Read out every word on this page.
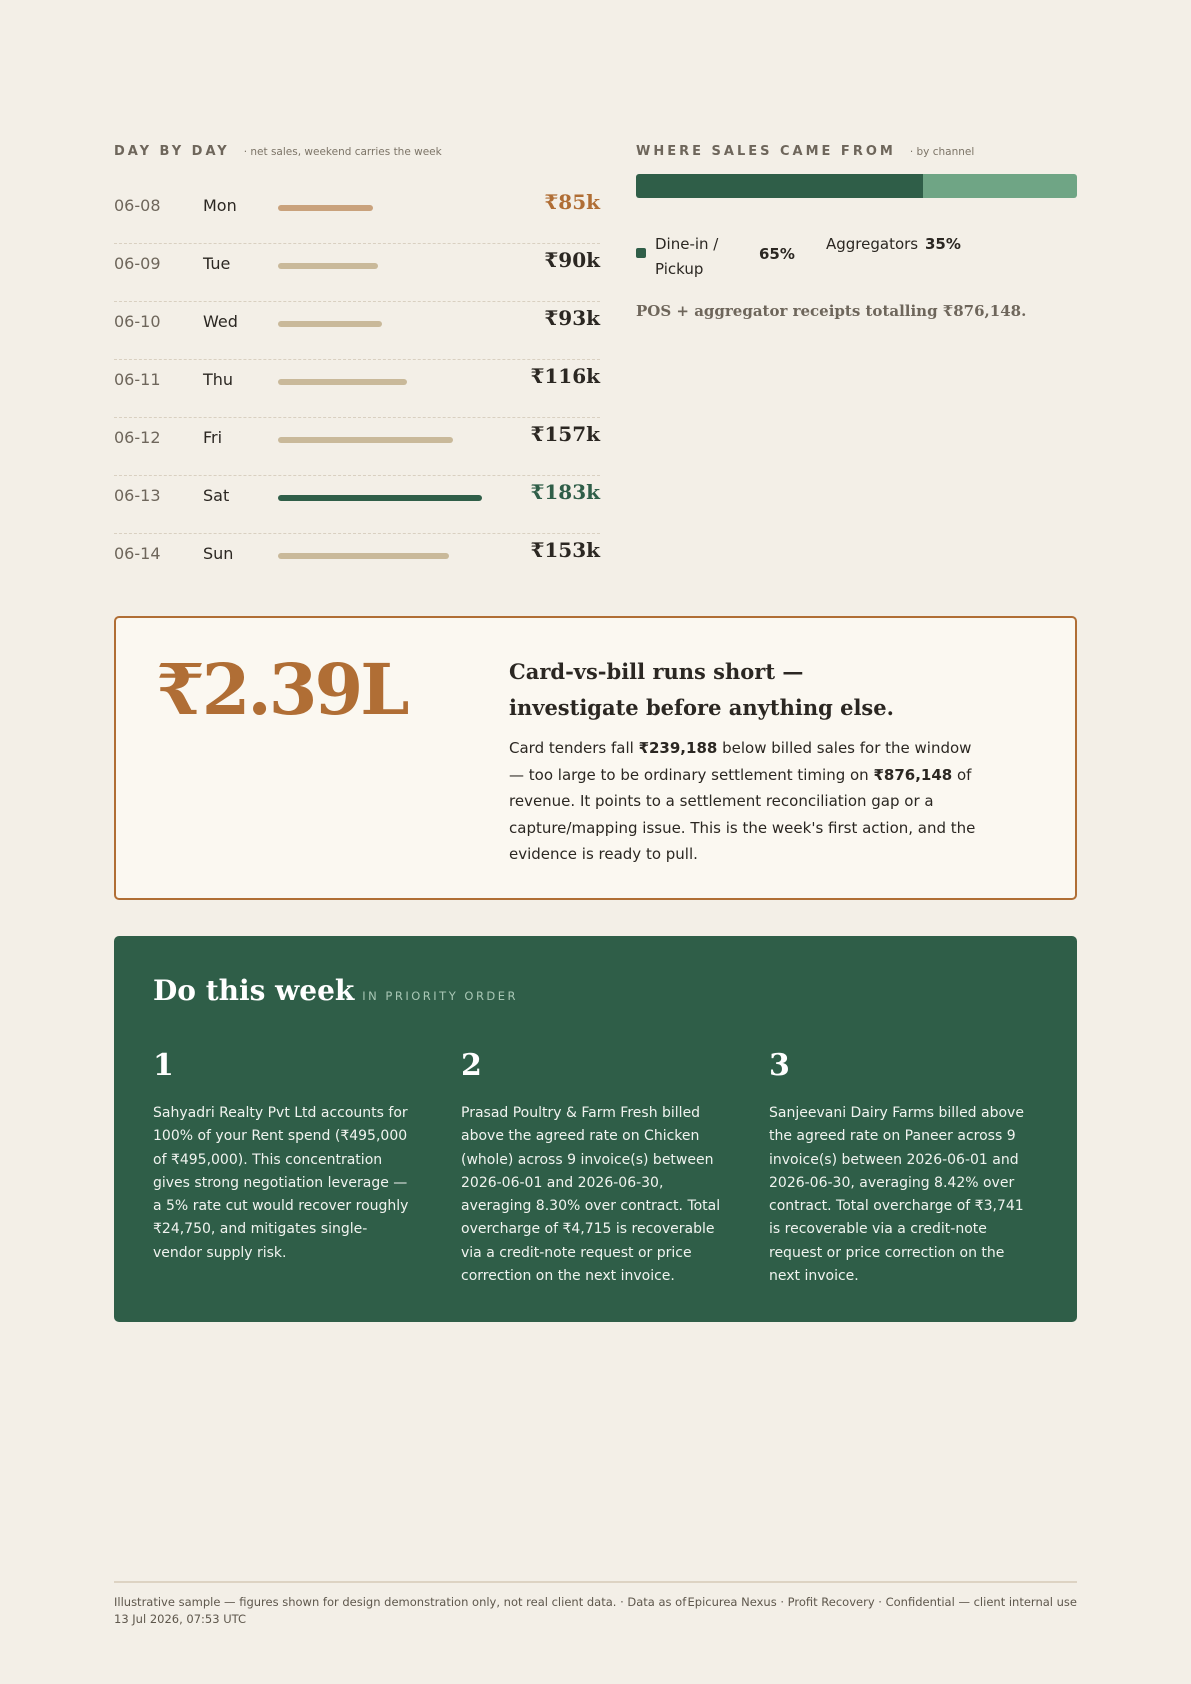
DAY BY DAY · net sales, weekend carries the week
06-08	Mon	₹85k
06-09	Tue	₹90k
06-10	Wed	₹93k
06-11	Thu	₹116k
06-12	Fri	₹157k
06-13	Sat	₹183k
06-14	Sun	₹153k
WHERE SALES CAME FROM · by channel
Dine-in / Pickup
65%
Aggregators 35%
POS + aggregator receipts totalling ₹876,148.
₹2.39L	Card-vs-bill runs short — investigate before anything else.

Card tenders fall ₹239,188 below billed sales for the window — too large to be ordinary settlement timing on ₹876,148 of revenue. It points to a settlement reconciliation gap or a capture/mapping issue. This is the week's first action, and the evidence is ready to pull.

Do this week IN PRIORITY ORDER
1

Sahyadri Realty Pvt Ltd accounts for 100% of your Rent spend (₹495,000 of ₹495,000). This concentration gives strong negotiation leverage — a 5% rate cut would recover roughly ₹24,750, and mitigates single-vendor supply risk.

2

Prasad Poultry & Farm Fresh billed above the agreed rate on Chicken (whole) across 9 invoice(s) between 2026-06-01 and 2026-06-30, averaging 8.30% over contract. Total overcharge of ₹4,715 is recoverable via a credit-note request or price correction on the next invoice.

3

Sanjeevani Dairy Farms billed above the agreed rate on Paneer across 9 invoice(s) between 2026-06-01 and 2026-06-30, averaging 8.42% over contract. Total overcharge of ₹3,741 is recoverable via a credit-note request or price correction on the next invoice.

Illustrative sample — figures shown for design demonstration only, not real client data. · Data as of 13 Jul 2026, 07:53 UTC
Epicurea Nexus · Profit Recovery · Confidential — client internal use
